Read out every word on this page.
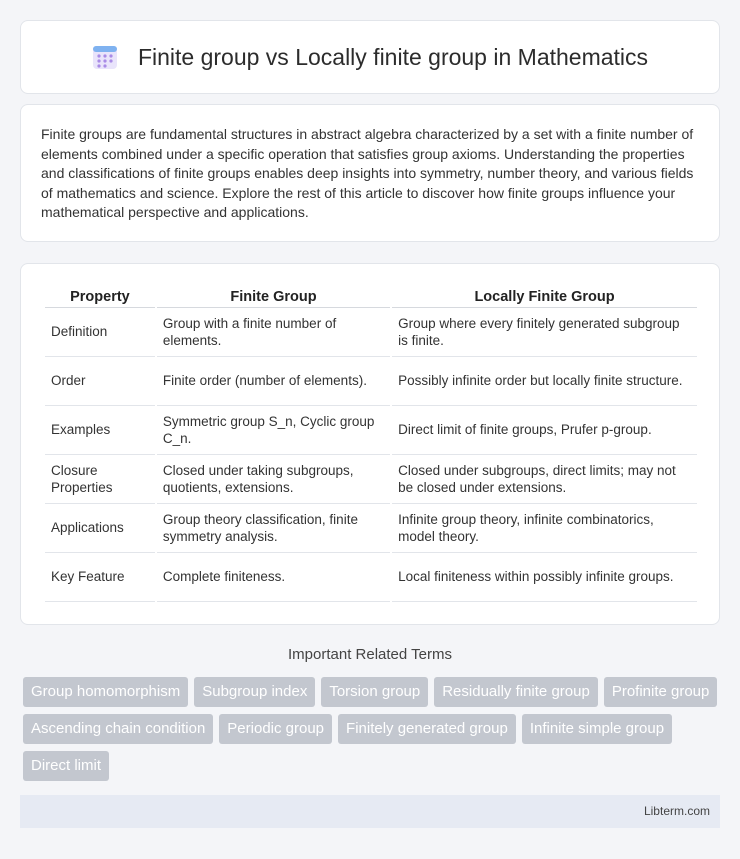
Finite group vs Locally finite group in Mathematics

Finite groups are fundamental structures in abstract algebra characterized by a set with a finite number of elements combined under a specific operation that satisfies group axioms. Understanding the properties and classifications of finite groups enables deep insights into symmetry, number theory, and various fields of mathematics and science. Explore the rest of this article to discover how finite groups influence your mathematical perspective and applications.

Property	Finite Group	Locally Finite Group
Definition	Group with a finite number of elements.	Group where every finitely generated subgroup is finite.
Order	Finite order (number of elements).	Possibly infinite order but locally finite structure.
Examples	Symmetric group S_n, Cyclic group C_n.	Direct limit of finite groups, Prufer p-group.
Closure Properties	Closed under taking subgroups, quotients, extensions.	Closed under subgroups, direct limits; may not be closed under extensions.
Applications	Group theory classification, finite symmetry analysis.	Infinite group theory, infinite combinatorics, model theory.
Key Feature	Complete finiteness.	Local finiteness within possibly infinite groups.
Important Related Terms
Group homomorphism	Subgroup index	Torsion group	Residually finite group	Profinite group
Ascending chain condition	Periodic group	Finitely generated group	Infinite simple group
Direct limit
Libterm.com
